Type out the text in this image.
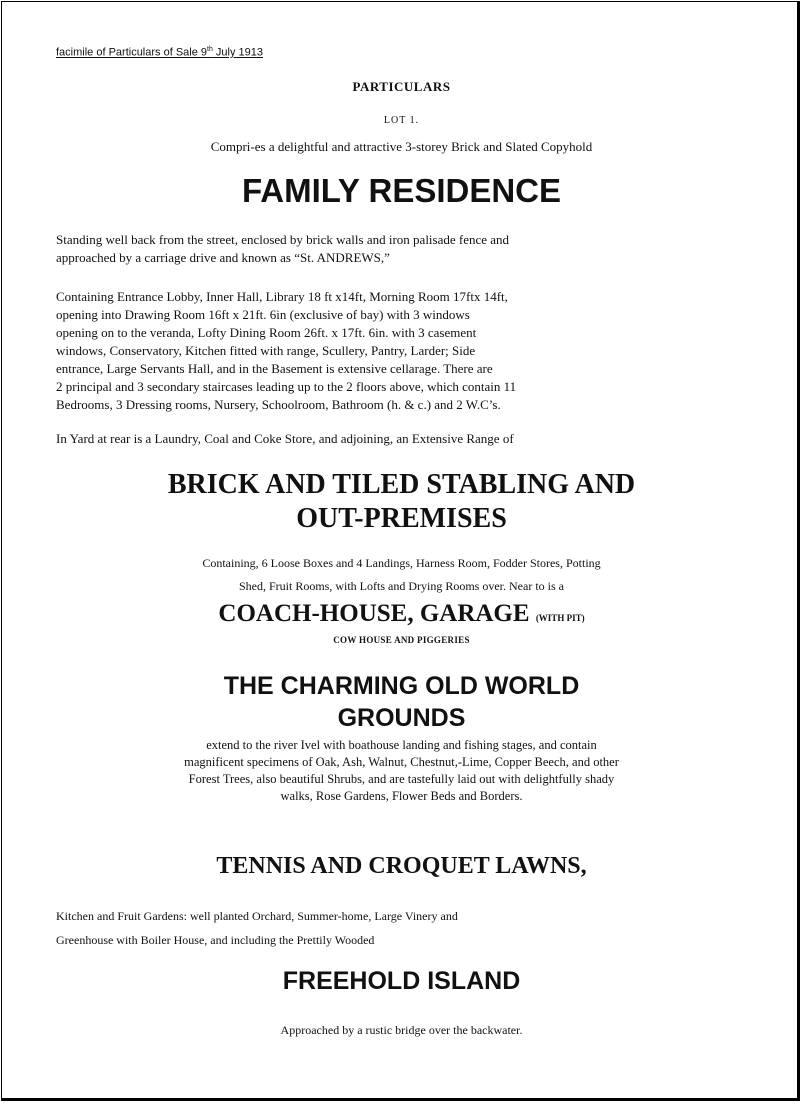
facimile of Particulars of Sale 9th July 1913
PARTICULARS
LOT 1.
Compri-es a delightful and attractive 3-storey Brick and Slated Copyhold
FAMILY RESIDENCE
Standing well back from the street, enclosed by brick walls and iron palisade fence and
approached by a carriage drive and known as “St. ANDREWS,”
Containing Entrance Lobby, Inner Hall, Library 18 ft x14ft, Morning Room 17ftx 14ft,
opening into Drawing Room 16ft x 21ft. 6in (exclusive of bay) with 3 windows
opening on to the veranda, Lofty Dining Room 26ft. x 17ft. 6in. with 3 casement
windows, Conservatory, Kitchen fitted with range, Scullery, Pantry, Larder; Side
entrance, Large Servants Hall, and in the Basement is extensive cellarage. There are
2 principal and 3 secondary staircases leading up to the 2 floors above, which contain 11
Bedrooms, 3 Dressing rooms, Nursery, Schoolroom, Bathroom (h. & c.) and 2 W.C’s.
In Yard at rear is a Laundry, Coal and Coke Store, and adjoining, an Extensive Range of
BRICK AND TILED STABLING AND
OUT-PREMISES
Containing, 6 Loose Boxes and 4 Landings, Harness Room, Fodder Stores, Potting
Shed, Fruit Rooms, with Lofts and Drying Rooms over. Near to is a
COACH-HOUSE, GARAGE (WITH PIT)
COW HOUSE AND PIGGERIES
THE CHARMING OLD WORLD
GROUNDS
extend to the river Ivel with boathouse landing and fishing stages, and contain
magnificent specimens of Oak, Ash, Walnut, Chestnut,-Lime, Copper Beech, and other
Forest Trees, also beautiful Shrubs, and are tastefully laid out with delightfully shady
walks, Rose Gardens, Flower Beds and Borders.
TENNIS AND CROQUET LAWNS,
Kitchen and Fruit Gardens: well planted Orchard, Summer-home, Large Vinery and
Greenhouse with Boiler House, and including the Prettily Wooded
FREEHOLD ISLAND
Approached by a rustic bridge over the backwater.
